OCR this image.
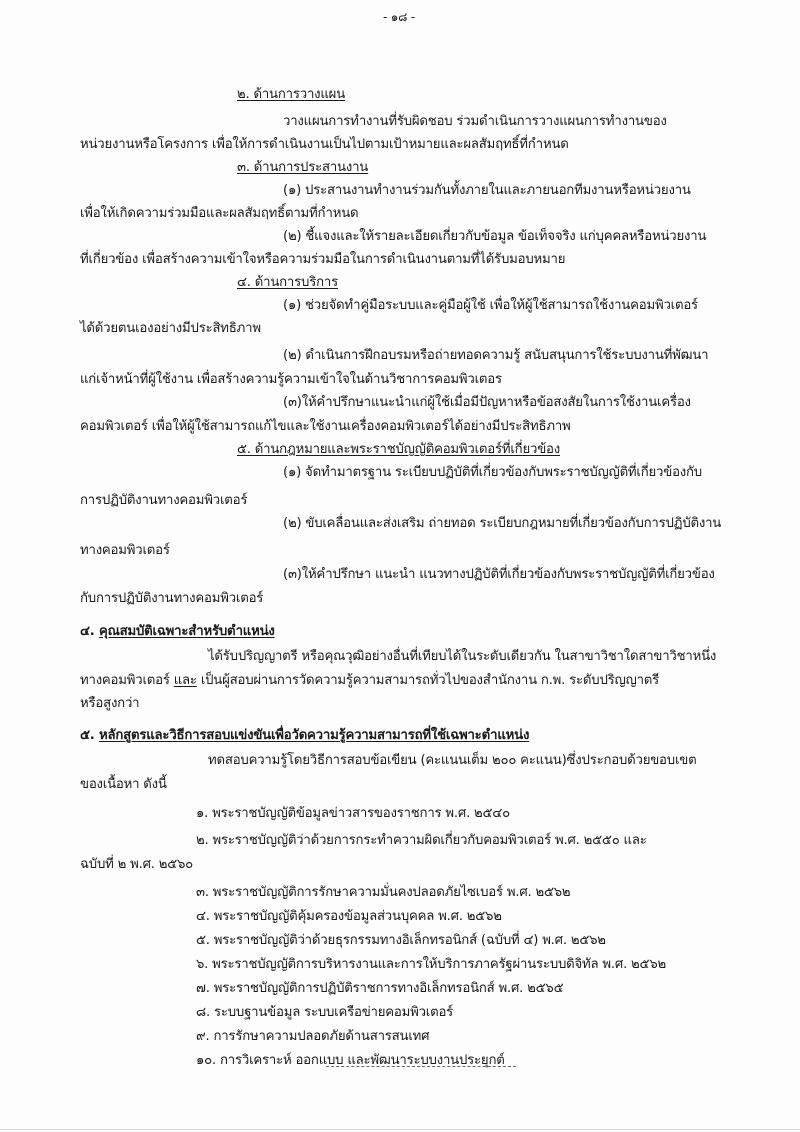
- ๑๘ -
๒. ด้านการวางแผน
วางแผนการทำงานที่รับผิดชอบ ร่วมดำเนินการวางแผนการทำงานของ
หน่วยงานหรือโครงการ เพื่อให้การดำเนินงานเป็นไปตามเป้าหมายและผลสัมฤทธิ์ที่กำหนด
๓. ด้านการประสานงาน
(๑) ประสานงานทำงานร่วมกันทั้งภายในและภายนอกทีมงานหรือหน่วยงาน
เพื่อให้เกิดความร่วมมือและผลสัมฤทธิ์ตามที่กำหนด
(๒) ชี้แจงและให้รายละเอียดเกี่ยวกับข้อมูล ข้อเท็จจริง แก่บุคคลหรือหน่วยงาน
ที่เกี่ยวข้อง เพื่อสร้างความเข้าใจหรือความร่วมมือในการดำเนินงานตามที่ได้รับมอบหมาย
๔. ด้านการบริการ
(๑) ช่วยจัดทำคู่มือระบบและคู่มือผู้ใช้ เพื่อให้ผู้ใช้สามารถใช้งานคอมพิวเตอร์
ได้ด้วยตนเองอย่างมีประสิทธิภาพ
(๒) ดำเนินการฝึกอบรมหรือถ่ายทอดความรู้ สนับสนุนการใช้ระบบงานที่พัฒนา
แก่เจ้าหน้าที่ผู้ใช้งาน เพื่อสร้างความรู้ความเข้าใจในด้านวิชาการคอมพิวเตอร
(๓)ให้คำปรึกษาแนะนำแก่ผู้ใช้เมื่อมีปัญหาหรือข้อสงสัยในการใช้งานเครื่อง
คอมพิวเตอร์ เพื่อให้ผู้ใช้สามารถแก้ไขและใช้งานเครื่องคอมพิวเตอร์ได้อย่างมีประสิทธิภาพ
๕. ด้านกฎหมายและพระราชบัญญัติคอมพิวเตอร์ที่เกี่ยวข้อง
(๑) จัดทำมาตรฐาน ระเบียบปฏิบัติที่เกี่ยวข้องกับพระราชบัญญัติที่เกี่ยวข้องกับ
การปฏิบัติงานทางคอมพิวเตอร์
(๒) ขับเคลื่อนและส่งเสริม ถ่ายทอด ระเบียบกฎหมายที่เกี่ยวข้องกับการปฏิบัติงาน
ทางคอมพิวเตอร์
(๓)ให้คำปรึกษา แนะนำ แนวทางปฏิบัติที่เกี่ยวข้องกับพระราชบัญญัติที่เกี่ยวข้อง
กับการปฏิบัติงานทางคอมพิวเตอร์
๔. คุณสมบัติเฉพาะสำหรับตำแหน่ง
ได้รับปริญญาตรี หรือคุณวุฒิอย่างอื่นที่เทียบได้ในระดับเดียวกัน ในสาขาวิชาใดสาขาวิชาหนึ่ง
ทางคอมพิวเตอร์ และ เป็นผู้สอบผ่านการวัดความรู้ความสามารถทั่วไปของสำนักงาน ก.พ. ระดับปริญญาตรี
หรือสูงกว่า
๕. หลักสูตรและวิธีการสอบแข่งขันเพื่อวัดความรู้ความสามารถที่ใช้เฉพาะตำแหน่ง
ทดสอบความรู้โดยวิธีการสอบข้อเขียน (คะแนนเต็ม ๒๐๐ คะแนน)ซึ่งประกอบด้วยขอบเขต
ของเนื้อหา ดังนี้
๑. พระราชบัญญัติข้อมูลข่าวสารของราชการ พ.ศ. ๒๕๔๐
๒. พระราชบัญญัติว่าด้วยการกระทำความผิดเกี่ยวกับคอมพิวเตอร์ พ.ศ. ๒๕๕๐ และ
ฉบับที่ ๒ พ.ศ. ๒๕๖๐
๓. พระราชบัญญัติการรักษาความมั่นคงปลอดภัยไซเบอร์ พ.ศ. ๒๕๖๒
๔. พระราชบัญญัติคุ้มครองข้อมูลส่วนบุคคล พ.ศ. ๒๕๖๒
๕. พระราชบัญญัติว่าด้วยธุรกรรมทางอิเล็กทรอนิกส์ (ฉบับที่ ๔) พ.ศ. ๒๕๖๒
๖. พระราชบัญญัติการบริหารงานและการให้บริการภาครัฐผ่านระบบดิจิทัล พ.ศ. ๒๕๖๒
๗. พระราชบัญญัติการปฏิบัติราชการทางอิเล็กทรอนิกส์ พ.ศ. ๒๕๖๕
๘. ระบบฐานข้อมูล ระบบเครือข่ายคอมพิวเตอร์
๙. การรักษาความปลอดภัยด้านสารสนเทศ
๑๐. การวิเคราะห์ ออกแบบ และพัฒนาระบบงานประยุกต์
